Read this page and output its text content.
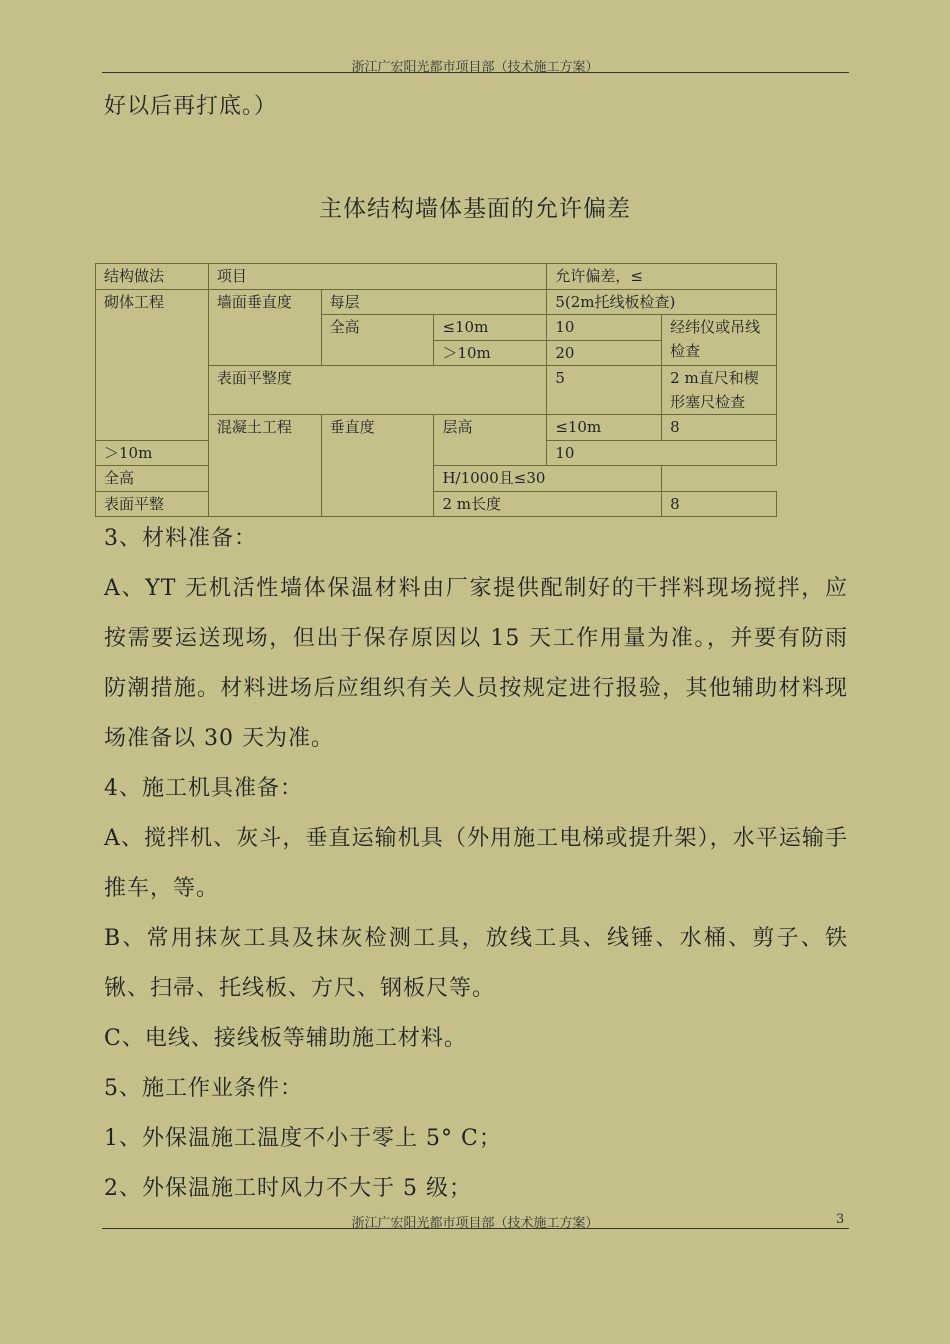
浙江广宏阳光都市项目部（技术施工方案）
好以后再打底。）
主体结构墙体基面的允许偏差
结构做法	项目			允许偏差，≤	
砌体工程	墙面垂直度	每层		5(2m托线板检查)	
		全高	≤10m	10	经纬仪或吊线检查
			＞10m	20	
	表面平整度			5	2 m直尺和楔形塞尺检查

	混凝土工程	垂直度	层高	≤10m	8
＞10m				10	
全高			H/1000且≤30		
表面平整			2 m长度		8
3、材料准备：
A、YT 无机活性墙体保温材料由厂家提供配制好的干拌料现场搅拌，应按需要运送现场，但出于保存原因以 15 天工作用量为准。，并要有防雨防潮措施。材料进场后应组织有关人员按规定进行报验，其他辅助材料现场准备以 30 天为准。
4、施工机具准备：
A、搅拌机、灰斗，垂直运输机具（外用施工电梯或提升架），水平运输手推车，等。
B、常用抹灰工具及抹灰检测工具，放线工具、线锤、水桶、剪子、铁锹、扫帚、托线板、方尺、钢板尺等。
C、电线、接线板等辅助施工材料。
5、施工作业条件：
1、外保温施工温度不小于零上 5° C；
2、外保温施工时风力不大于 5 级；
浙江广宏阳光都市项目部（技术施工方案）	3
